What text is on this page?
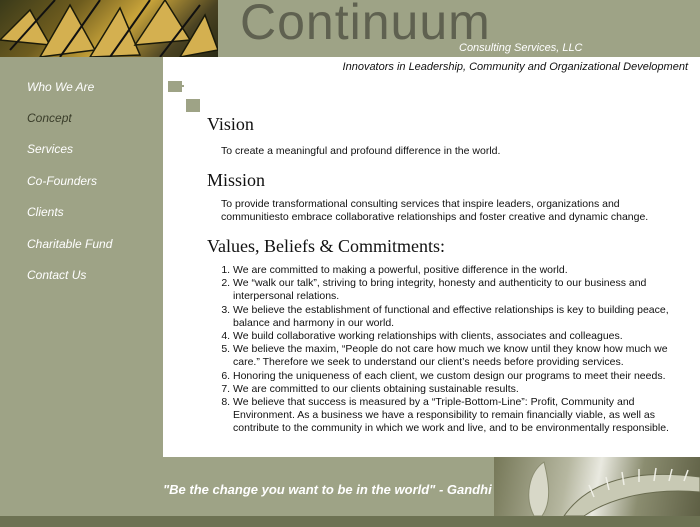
Continuum
Consulting Services, LLC
Innovators in Leadership, Community and Organizational Development
Who We Are
Concept
Services
Co-Founders
Clients
Charitable Fund
Contact Us
Vision

To create a meaningful and profound difference in the world.

Mission

To provide transformational consulting services that inspire leaders, organizations and communitiesto embrace collaborative relationships and foster creative and dynamic change.

Values, Beliefs & Commitments:
1. We are committed to making a powerful, positive difference in the world.
2. We “walk our talk”, striving to bring integrity, honesty and authenticity to our business and interpersonal relations.
3. We believe the establishment of functional and effective relationships is key to building peace, balance and harmony in our world.
4. We build collaborative working relationships with clients, associates and colleagues.
5. We believe the maxim, “People do not care how much we know until they know how much we care.” Therefore we seek to understand our client’s needs before providing services.
6. Honoring the uniqueness of each client, we custom design our programs to meet their needs.
7. We are committed to our clients obtaining sustainable results.
8. We believe that success is measured by a “Triple-Bottom-Line”: Profit, Community and Environment. As a business we have a responsibility to remain financially viable, as well as contribute to the community in which we work and live, and to be environmentally responsible.
"Be the change you want to be in the world" - Gandhi
